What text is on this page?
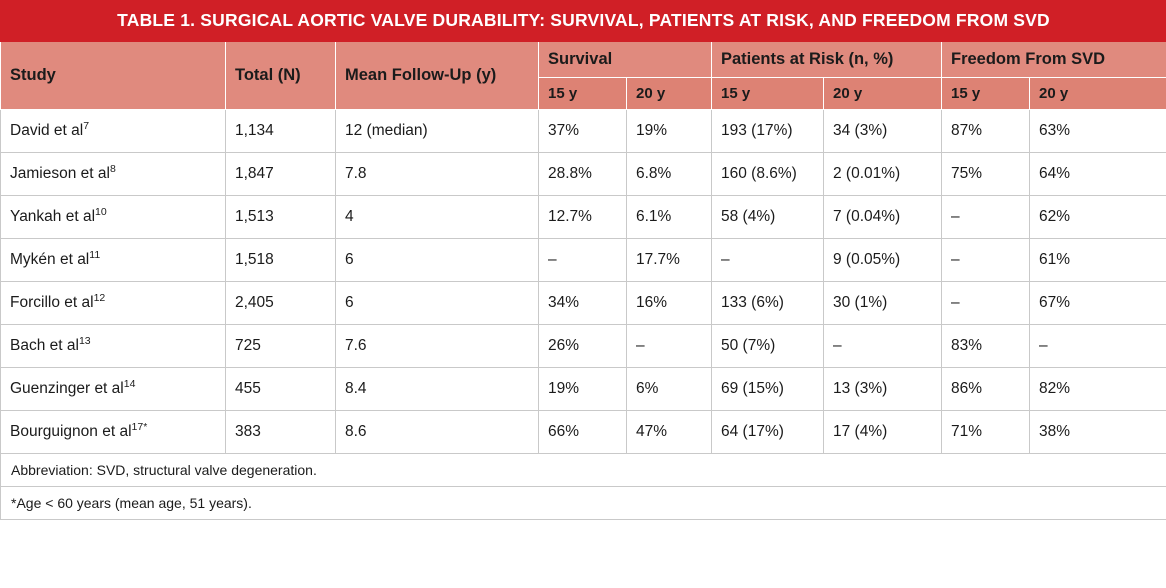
TABLE 1. SURGICAL AORTIC VALVE DURABILITY: SURVIVAL, PATIENTS AT RISK, AND FREEDOM FROM SVD								
Study	Total (N)	Mean Follow-Up (y)	Survival		Patients at Risk (n, %)		Freedom From SVD	
			15 y	20 y	15 y	20 y	15 y	20 y
David et $al^7$	1,134	12 (median)	37%	19%	193 (17%)	34 (3%)	87%	63%
Jamieson et $al^8$	1,847	7.8	28.8%	6.8%	160 (8.6%)	2 (0.01%)	75%	64%
Yankah et $al^{10}$	1,513	4	12.7%	6.1%	58 (4%)	7 (0.04%)	–	62%
Mykén et $al^{11}$	1,518	6	–	17.7%	–	9 (0.05%)	–	61%
Forcillo et $al^{12}$	2,405	6	34%	16%	133 (6%)	30 (1%)	–	67%
Bach et $al^{13}$	725	7.6	26%	–	50 (7%)	–	83%	–
Guenzinger et $al^{14}$	455	8.4	19%	6%	69 (15%)	13 (3%)	86%	82%
Bourguignon et $al^{17*}$	383	8.6	66%	47%	64 (17%)	17 (4%)	71%	38%
Abbreviation: SVD, structural valve degeneration.								
*Age < 60 years (mean age, 51 years).								
